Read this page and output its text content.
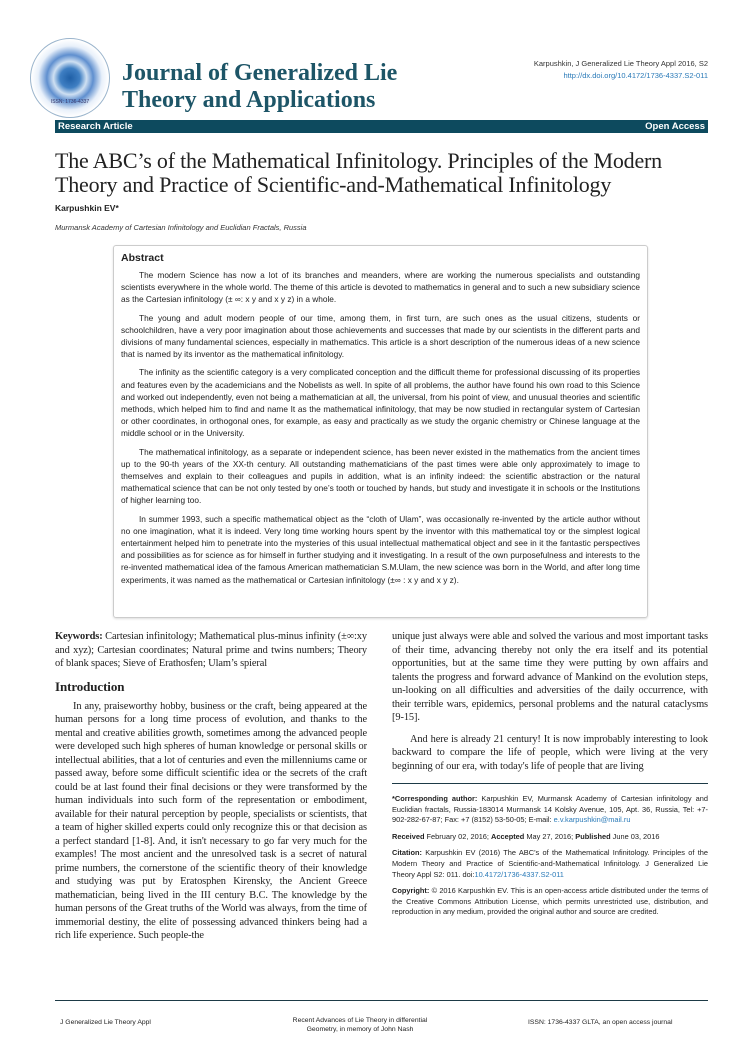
ISSN: 1736-4337
Journal of Generalized Lie
Theory and Applications
Karpushkin, J Generalized Lie Theory Appl 2016, S2
http://dx.doi.org/10.4172/1736-4337.S2-011
Research Article	Open Access
The ABC’s of the Mathematical Infinitology. Principles of the Modern Theory and Practice of Scientific-and-Mathematical Infinitology
Karpushkin EV*
Murmansk Academy of Cartesian Infinitology and Euclidian Fractals, Russia
Abstract

The modern Science has now a lot of its branches and meanders, where are working the numerous specialists and outstanding scientists everywhere in the whole world. The theme of this article is devoted to mathematics in general and to such a new subsidiary science as the Cartesian infinitology (± ∞: x y and x y z) in a whole.

The young and adult modern people of our time, among them, in first turn, are such ones as the usual citizens, students or schoolchildren, have a very poor imagination about those achievements and successes that made by our scientists in the different parts and divisions of many fundamental sciences, especially in mathematics. This article is a short description of the numerous ideas of a new science that is named by its inventor as the mathematical infinitology.

The infinity as the scientific category is a very complicated conception and the difficult theme for professional discussing of its properties and features even by the academicians and the Nobelists as well. In spite of all problems, the author have found his own road to this Science and worked out independently, even not being a mathematician at all, the universal, from his point of view, and unusual theories and scientific methods, which helped him to find and name It as the mathematical infinitology, that may be now studied in rectangular system of Cartesian or other coordinates, in orthogonal ones, for example, as easy and practically as we study the organic chemistry or Chinese language at the middle school or in the University.

The mathematical infinitology, as a separate or independent science, has been never existed in the mathematics from the ancient times up to the 90-th years of the XX-th century. All outstanding mathematicians of the past times were able only approximately to image to themselves and explain to their colleagues and pupils in addition, what is an infinity indeed: the scientific abstraction or the natural mathematical science that can be not only tested by one’s tooth or touched by hands, but study and investigate it in schools or the Institutions of higher learning too.

In summer 1993, such a specific mathematical object as the “cloth of Ulam”, was occasionally re-invented by the article author without no one imagination, what it is indeed. Very long time working hours spent by the inventor with this mathematical toy or the simplest logical entertainment helped him to penetrate into the mysteries of this usual intellectual mathematical object and see in it the fantastic perspectives and possibilities as for science as for himself in further studying and it investigating. In a result of the own purposefulness and interests to the re-invented mathematical idea of the famous American mathematician S.M.Ulam, the new science was born in the World, and after long time experiments, it was named as the mathematical or Cartesian infinitology (±∞ : x y and x y z).

Keywords: Cartesian infinitology; Mathematical plus-minus infinity (±∞:xy and xyz); Cartesian coordinates; Natural prime and twins numbers; Theory of blank spaces; Sieve of Erathosfen; Ulam’s spieral

Introduction

In any, praiseworthy hobby, business or the craft, being appeared at the human persons for a long time process of evolution, and thanks to the mental and creative abilities growth, sometimes among the advanced people were developed such high spheres of human knowledge or personal skills or intellectual abilities, that a lot of centuries and even the millenniums came or passed away, before some difficult scientific idea or the secrets of the craft could be at last found their final decisions or they were transformed by the human individuals into such form of the representation or embodiment, available for their natural perception by people, specialists or scientists, that a team of higher skilled experts could only recognize this or that decision as a perfect standard [1-8]. And, it isn't necessary to go far very much for the examples! The most ancient and the unresolved task is a secret of natural prime numbers, the cornerstone of the scientific theory of their knowledge and studying was put by Eratosphen Kirensky, the Ancient Greece mathematician, being lived in the III century B.C. The knowledge by the human persons of the Great truths of the World was always, from the time of immemorial destiny, the elite of possessing advanced thinkers being had a rich life experience. Such people-the

unique just always were able and solved the various and most important tasks of their time, advancing thereby not only the era itself and its potential opportunities, but at the same time they were putting by own affairs and talents the progress and forward advance of Mankind on the evolution steps, un-looking on all difficulties and adversities of the daily occurrence, with their terrible wars, epidemics, personal problems and the natural cataclysms [9-15].

And here is already 21 century! It is now improbably interesting to look backward to compare the life of people, which were living at the very beginning of our era, with today's life of people that are living

*Corresponding author: Karpushkin EV, Murmansk Academy of Cartesian infinitology and Euclidian fractals, Russia-183014 Murmansk 14 Kolsky Avenue, 105, Apt. 36, Russia, Tel: +7-902-282-67-87; Fax: +7 (8152) 53-50-05; E-mail: e.v.karpushkin@mail.ru

Received February 02, 2016; Accepted May 27, 2016; Published June 03, 2016

Citation: Karpushkin EV (2016) The ABC’s of the Mathematical Infinitology. Principles of the Modern Theory and Practice of Scientific-and-Mathematical Infinitology. J Generalized Lie Theory Appl S2: 011. doi:10.4172/1736-4337.S2-011

Copyright: © 2016 Karpushkin EV. This is an open-access article distributed under the terms of the Creative Commons Attribution License, which permits unrestricted use, distribution, and reproduction in any medium, provided the original author and source are credited.

J Generalized Lie Theory Appl	Recent Advances of Lie Theory in differential Geometry, in memory of John Nash
ISSN: 1736-4337 GLTA, an open access journal
